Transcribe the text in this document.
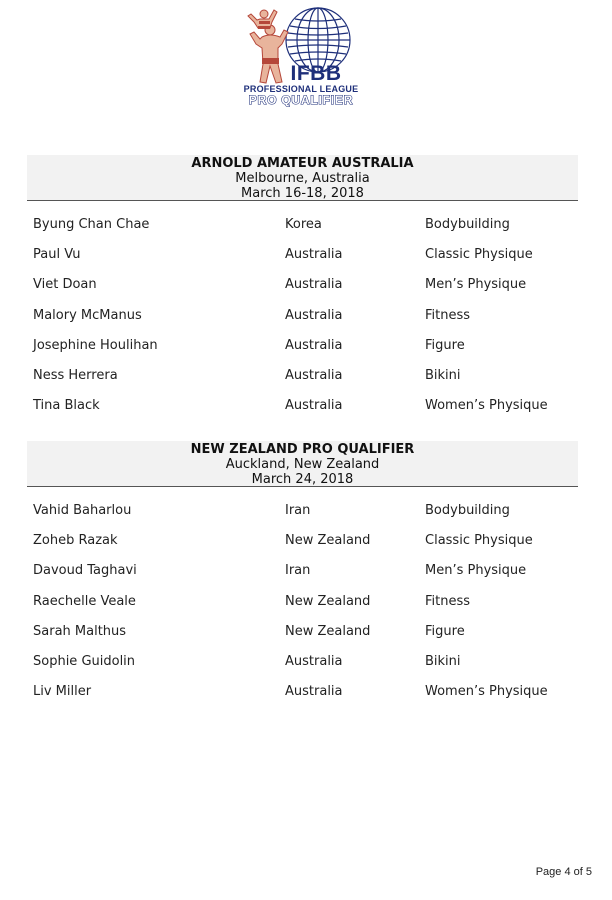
IFBB
PROFESSIONAL LEAGUE
PRO QUALIFIER
ARNOLD AMATEUR AUSTRALIA
Melbourne, Australia
March 16-18, 2018
Byung Chan Chae	Korea	Bodybuilding
Paul Vu	Australia	Classic Physique
Viet Doan	Australia	Men’s Physique
Malory McManus	Australia	Fitness
Josephine Houlihan	Australia	Figure
Ness Herrera	Australia	Bikini
Tina Black	Australia	Women’s Physique
NEW ZEALAND PRO QUALIFIER
Auckland, New Zealand
March 24, 2018
Vahid Baharlou	Iran	Bodybuilding
Zoheb Razak	New Zealand	Classic Physique
Davoud Taghavi	Iran	Men’s Physique
Raechelle Veale	New Zealand	Fitness
Sarah Malthus	New Zealand	Figure
Sophie Guidolin	Australia	Bikini
Liv Miller	Australia	Women’s Physique
Page 4 of 5
